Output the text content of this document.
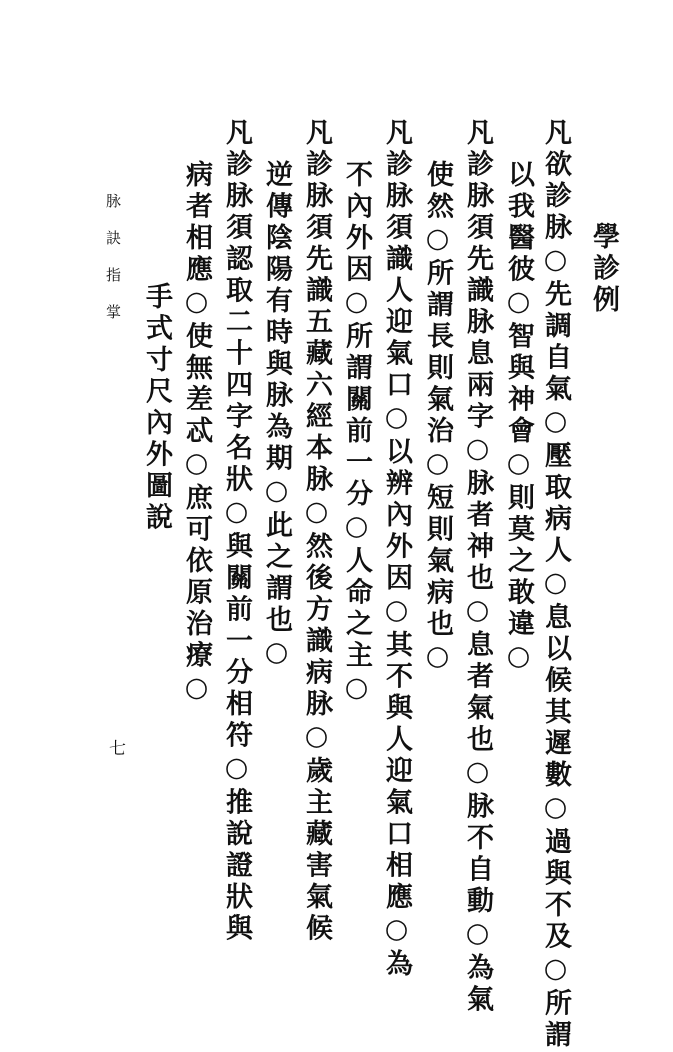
學診例
凡欲診脉○先調自氣○壓取病人○息以候其遲數○過與不及○所謂
以我醫彼○智與神會○則莫之敢違○
凡診脉須先識脉息兩字○脉者神也○息者氣也○脉不自動○為氣
使然○所謂長則氣治○短則氣病也○
凡診脉須識人迎氣口○以辨內外因○其不與人迎氣口相應○為
不內外因○所謂關前一分○人命之主○
凡診脉須先識五藏六經本脉○然後方識病脉○歲主藏害氣候
逆傳陰陽有時與脉為期○此之謂也○
凡診脉須認取二十四字名狀○與關前一分相符○推說證狀與
病者相應○使無差忒○庶可依原治療○
手式寸尺內外圖說
脉訣指掌
七
